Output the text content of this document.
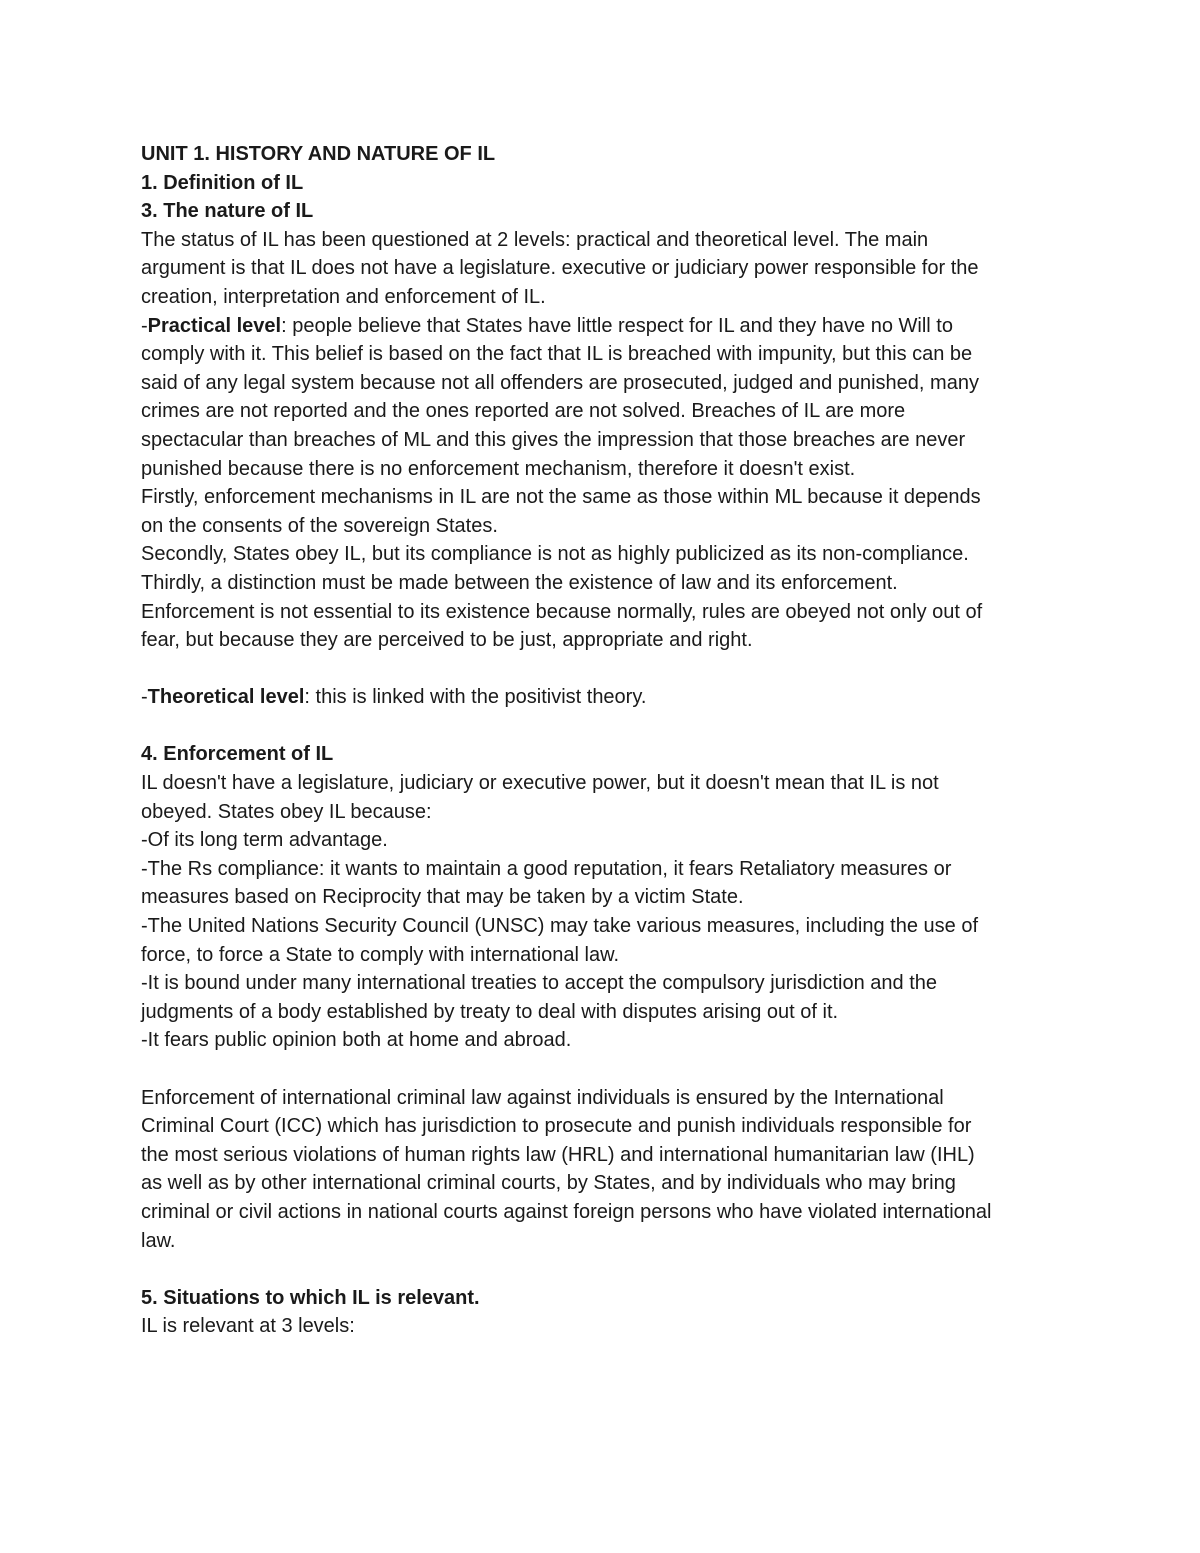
UNIT 1. HISTORY AND NATURE OF IL
1. Definition of IL
3. The nature of IL
The status of IL has been questioned at 2 levels: practical and theoretical level. The main
argument is that IL does not have a legislature. executive or judiciary power responsible for the
creation, interpretation and enforcement of IL.
-Practical level: people believe that States have little respect for IL and they have no Will to
comply with it. This belief is based on the fact that IL is breached with impunity, but this can be
said of any legal system because not all offenders are prosecuted, judged and punished, many
crimes are not reported and the ones reported are not solved. Breaches of IL are more
spectacular than breaches of ML and this gives the impression that those breaches are never
punished because there is no enforcement mechanism, therefore it doesn't exist.
Firstly, enforcement mechanisms in IL are not the same as those within ML because it depends
on the consents of the sovereign States.
Secondly, States obey IL, but its compliance is not as highly publicized as its non-compliance.
Thirdly, a distinction must be made between the existence of law and its enforcement.
Enforcement is not essential to its existence because normally, rules are obeyed not only out of
fear, but because they are perceived to be just, appropriate and right.
-Theoretical level: this is linked with the positivist theory.
4. Enforcement of IL
IL doesn't have a legislature, judiciary or executive power, but it doesn't mean that IL is not
obeyed. States obey IL because:
-Of its long term advantage.
-The Rs compliance: it wants to maintain a good reputation, it fears Retaliatory measures or
measures based on Reciprocity that may be taken by a victim State.
-The United Nations Security Council (UNSC) may take various measures, including the use of
force, to force a State to comply with international law.
-It is bound under many international treaties to accept the compulsory jurisdiction and the
judgments of a body established by treaty to deal with disputes arising out of it.
-It fears public opinion both at home and abroad.
Enforcement of international criminal law against individuals is ensured by the International
Criminal Court (ICC) which has jurisdiction to prosecute and punish individuals responsible for
the most serious violations of human rights law (HRL) and international humanitarian law (IHL)
as well as by other international criminal courts, by States, and by individuals who may bring
criminal or civil actions in national courts against foreign persons who have violated international
law.
5. Situations to which IL is relevant.
IL is relevant at 3 levels:
